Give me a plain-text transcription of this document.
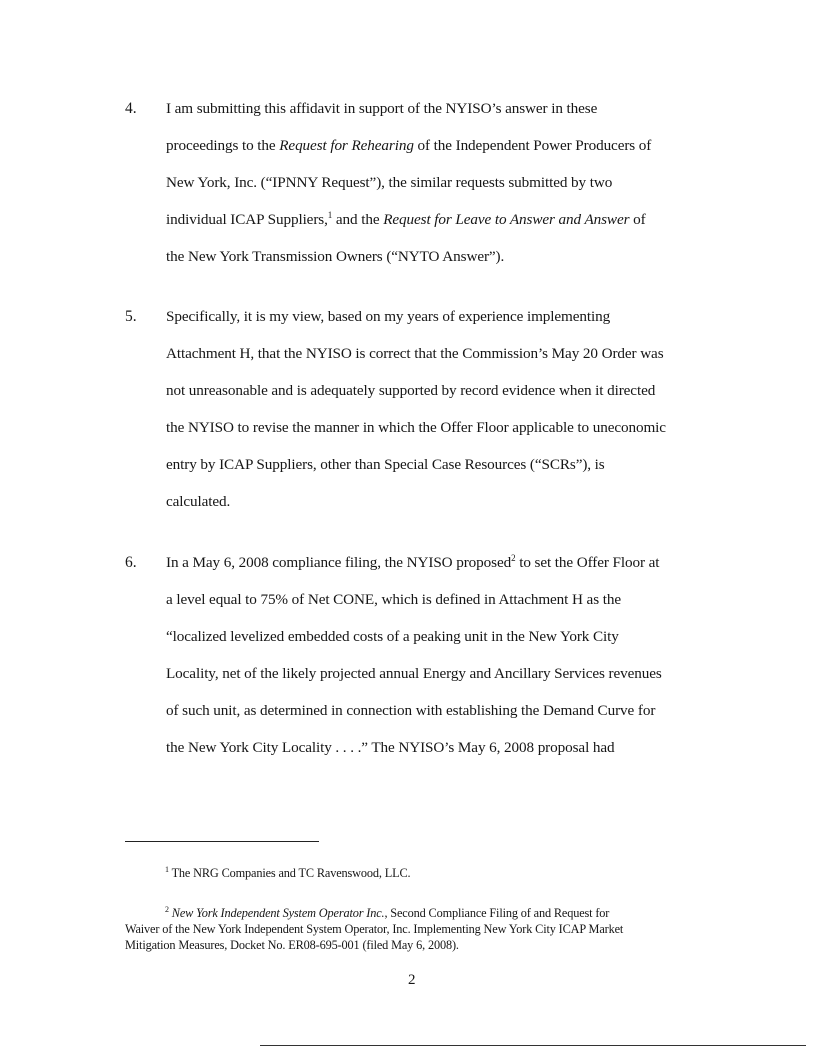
4. I am submitting this affidavit in support of the NYISO’s answer in these
proceedings to the Request for Rehearing of the Independent Power Producers of
New York, Inc. (“IPNNY Request”), the similar requests submitted by two
individual ICAP Suppliers,$^1$ and the Request for Leave to Answer and Answer of
the New York Transmission Owners (“NYTO Answer”).
5. Specifically, it is my view, based on my years of experience implementing
Attachment H, that the NYISO is correct that the Commission’s May 20 Order was
not unreasonable and is adequately supported by record evidence when it directed
the NYISO to revise the manner in which the Offer Floor applicable to uneconomic
entry by ICAP Suppliers, other than Special Case Resources (“SCRs”), is
calculated.
6. In a May 6, 2008 compliance filing, the NYISO proposed$^2$ to set the Offer Floor at
a level equal to 75% of Net CONE, which is defined in Attachment H as the
“localized levelized embedded costs of a peaking unit in the New York City
Locality, net of the likely projected annual Energy and Ancillary Services revenues
of such unit, as determined in connection with establishing the Demand Curve for
the New York City Locality . . . .” The NYISO’s May 6, 2008 proposal had
$^1$ The NRG Companies and TC Ravenswood, LLC.
$^2$ New York Independent System Operator Inc., Second Compliance Filing of and Request for
Waiver of the New York Independent System Operator, Inc. Implementing New York City ICAP Market
Mitigation Measures, Docket No. ER08-695-001 (filed May 6, 2008).
2
